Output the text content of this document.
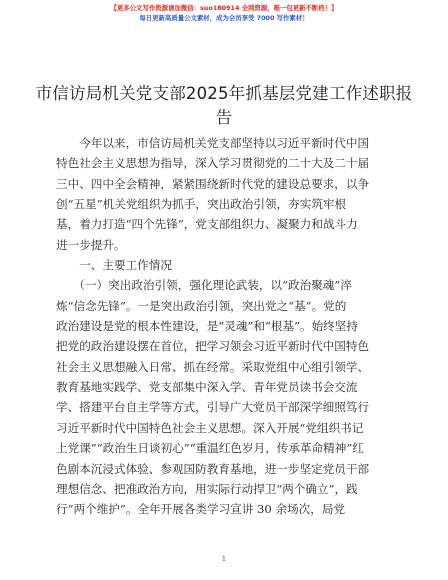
【更多公文写作资源请加微信：suo180914 全网资源，唯一包更新不断档！】
每日更新高质量公文素材，成为会员享受 7000 写作素材！
市信访局机关党支部2025年抓基层党建工作述职报告
　　今年以来，市信访局机关党支部坚持以习近平新时代中国
特色社会主义思想为指导，深入学习贯彻党的二十大及二十届
三中、四中全会精神，紧紧围绕新时代党的建设总要求，以争
创“五星”机关党组织为抓手，突出政治引领，夯实筑牢根
基，着力打造“四个先锋”，党支部组织力、凝聚力和战斗力
进一步提升。
　　一、主要工作情况
　　（一）突出政治引领，强化理论武装，以“政治聚魂”淬
炼“信念先锋”。一是突出政治引领，突出党之“基”。党的
政治建设是党的根本性建设，是“灵魂”和“根基”。始终坚持
把党的政治建设摆在首位，把学习领会习近平新时代中国特色
社会主义思想融入日常、抓在经常。采取党组中心组引领学、
教育基地实践学、党支部集中深入学、青年党员读书会交流
学、搭建平台自主学等方式，引导广大党员干部深学细照笃行
习近平新时代中国特色社会主义思想。深入开展“党组织书记
上党课”“政治生日谈初心”“重温红色岁月，传承革命精神”红
色剧本沉浸式体验、参观国防教育基地，进一步坚定党员干部
理想信念、把准政治方向，用实际行动捍卫“两个确立”，践
行“两个维护”。全年开展各类学习宣讲 30 余场次，局党
1
